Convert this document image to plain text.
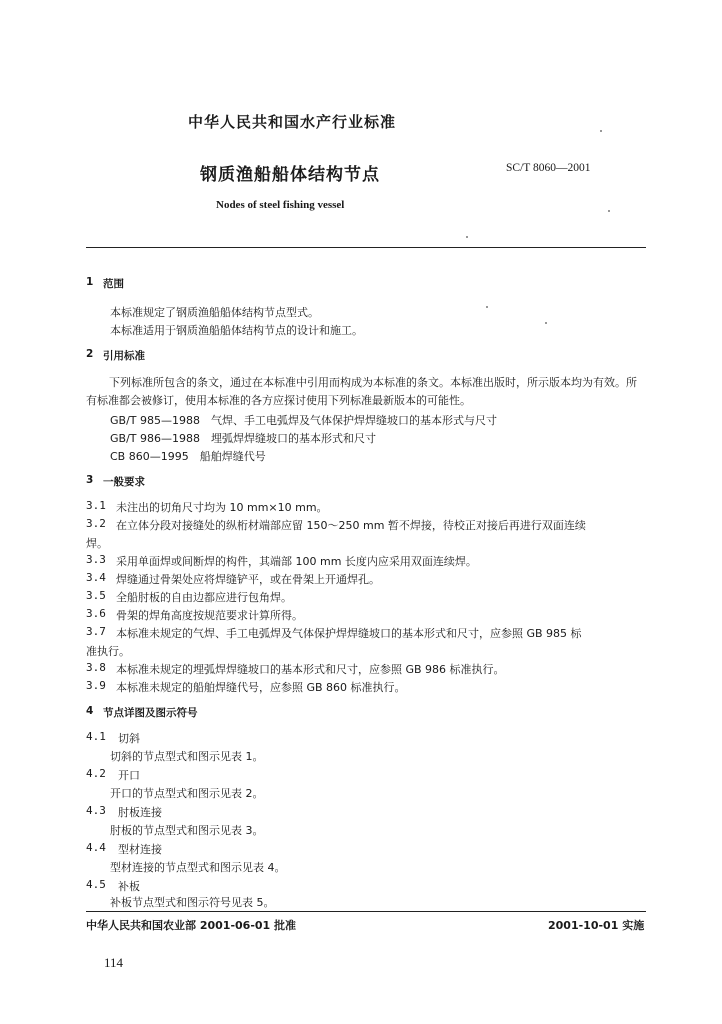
中华人民共和国水产行业标准
钢质渔船船体结构节点	SC/T 8060—2001
Nodes of steel fishing vessel
1 范围
本标准规定了钢质渔船船体结构节点型式。
本标准适用于钢质渔船船体结构节点的设计和施工。
2 引用标准
下列标准所包含的条文，通过在本标准中引用而构成为本标准的条文。本标准出版时，所示版本均为有效。所有标准都会被修订，使用本标准的各方应探讨使用下列标准最新版本的可能性。
GB/T 985—1988　气焊、手工电弧焊及气体保护焊焊缝坡口的基本形式与尺寸
GB/T 986—1988　埋弧焊焊缝坡口的基本形式和尺寸
CB 860—1995　船舶焊缝代号
3 一般要求
3.1 未注出的切角尺寸均为 10 mm×10 mm。
3.2 在立体分段对接缝处的纵桁材端部应留 150～250 mm 暂不焊接，待校正对接后再进行双面连续
焊。
3.3 采用单面焊或间断焊的构件，其端部 100 mm 长度内应采用双面连续焊。
3.4 焊缝通过骨架处应将焊缝铲平，或在骨架上开通焊孔。
3.5 全船肘板的自由边都应进行包角焊。
3.6 骨架的焊角高度按规范要求计算所得。
3.7 本标准未规定的气焊、手工电弧焊及气体保护焊焊缝坡口的基本形式和尺寸，应参照 GB 985 标
准执行。
3.8 本标准未规定的埋弧焊焊缝坡口的基本形式和尺寸，应参照 GB 986 标准执行。
3.9 本标准未规定的船舶焊缝代号，应参照 GB 860 标准执行。
4 节点详图及图示符号
4.1 切斜
切斜的节点型式和图示见表 1。
4.2 开口
开口的节点型式和图示见表 2。
4.3 肘板连接
肘板的节点型式和图示见表 3。
4.4 型材连接
型材连接的节点型式和图示见表 4。
4.5 补板
补板节点型式和图示符号见表 5。
中华人民共和国农业部 2001-06-01 批准	2001-10-01 实施
114
